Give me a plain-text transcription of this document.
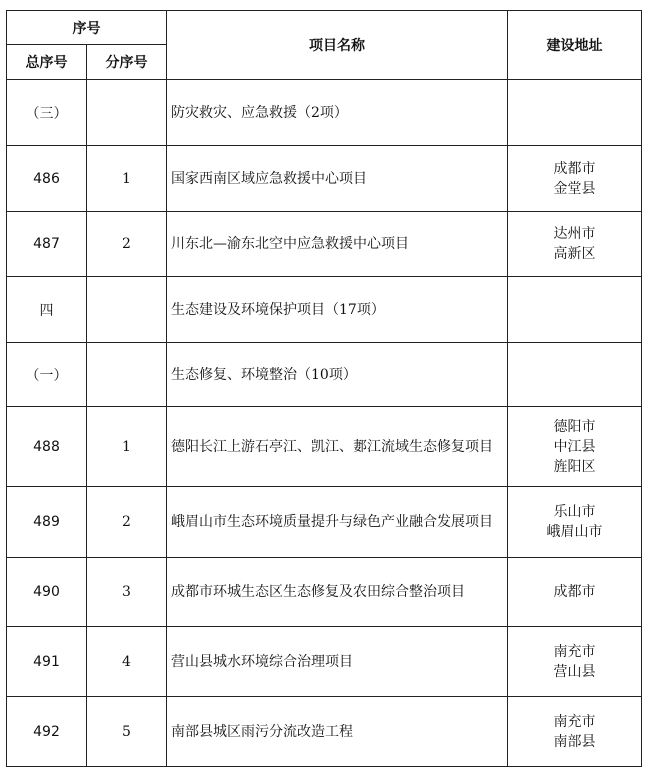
序号		项目名称	建设地址
总序号	分序号		
（三）		防灾救灾、应急救援（2项）	
486	1	国家西南区域应急救援中心项目	成都市
金堂县

487	2	川东北—渝东北空中应急救援中心项目	达州市
高新区

四		生态建设及环境保护项目（17项）	
（一）		生态修复、环境整治（10项）	
488	1	德阳长江上游石亭江、凯江、郪江流域生态修复项目	德阳市
中江县
旌阳区

489	2	峨眉山市生态环境质量提升与绿色产业融合发展项目	乐山市
峨眉山市

490	3	成都市环城生态区生态修复及农田综合整治项目	成都市

491	4	营山县城水环境综合治理项目	南充市
营山县

492	5	南部县城区雨污分流改造工程	南充市
南部县
